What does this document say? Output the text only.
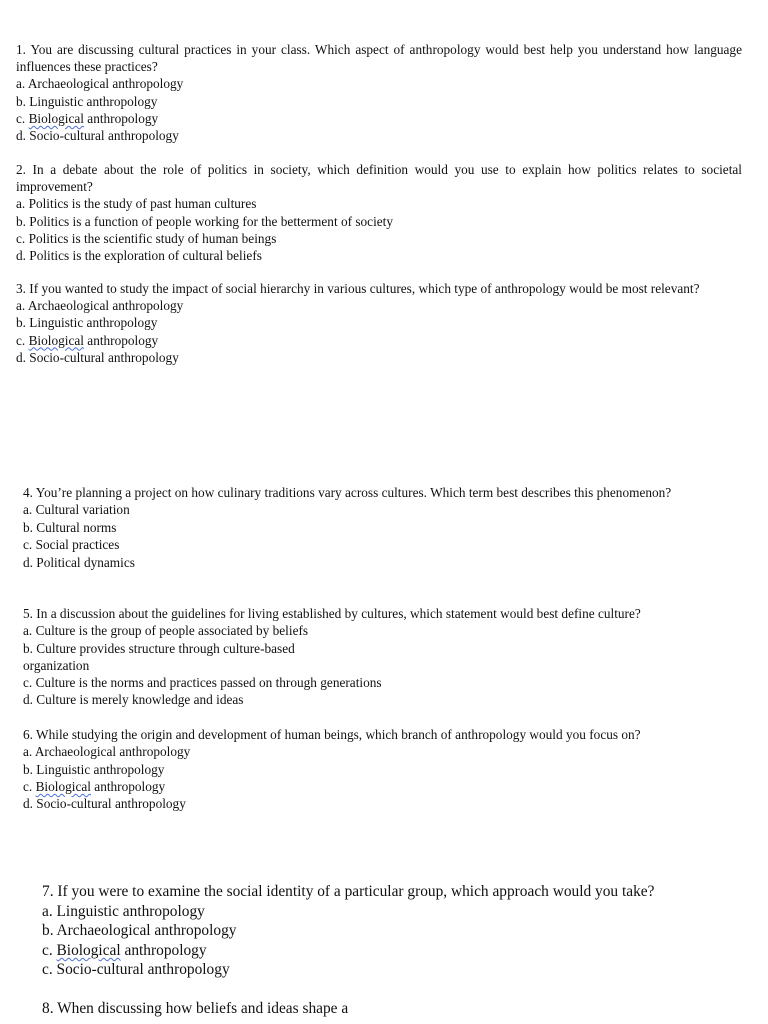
1. You are discussing cultural practices in your class. Which aspect of anthropology would best help you understand how language influences these practices?

a. Archaeological anthropology

b. Linguistic anthropology

c. Biological anthropology

d. Socio-cultural anthropology

2. In a debate about the role of politics in society, which definition would you use to explain how politics relates to societal improvement?

a. Politics is the study of past human cultures

b. Politics is a function of people working for the betterment of society

c. Politics is the scientific study of human beings

d. Politics is the exploration of cultural beliefs

3. If you wanted to study the impact of social hierarchy in various cultures, which type of anthropology would be most relevant?

a. Archaeological anthropology

b. Linguistic anthropology

c. Biological anthropology

d. Socio-cultural anthropology

4. You’re planning a project on how culinary traditions vary across cultures. Which term best describes this phenomenon?

a. Cultural variation

b. Cultural norms

c. Social practices

d. Political dynamics

5. In a discussion about the guidelines for living established by cultures, which statement would best define culture?

a. Culture is the group of people associated by beliefs

b. Culture provides structure through culture-based

organization

c. Culture is the norms and practices passed on through generations

d. Culture is merely knowledge and ideas

6. While studying the origin and development of human beings, which branch of anthropology would you focus on?

a. Archaeological anthropology

b. Linguistic anthropology

c. Biological anthropology

d. Socio-cultural anthropology

7. If you were to examine the social identity of a particular group, which approach would you take?

a. Linguistic anthropology

b. Archaeological anthropology

c. Biological anthropology

c. Socio-cultural anthropology

8. When discussing how beliefs and ideas shape a
